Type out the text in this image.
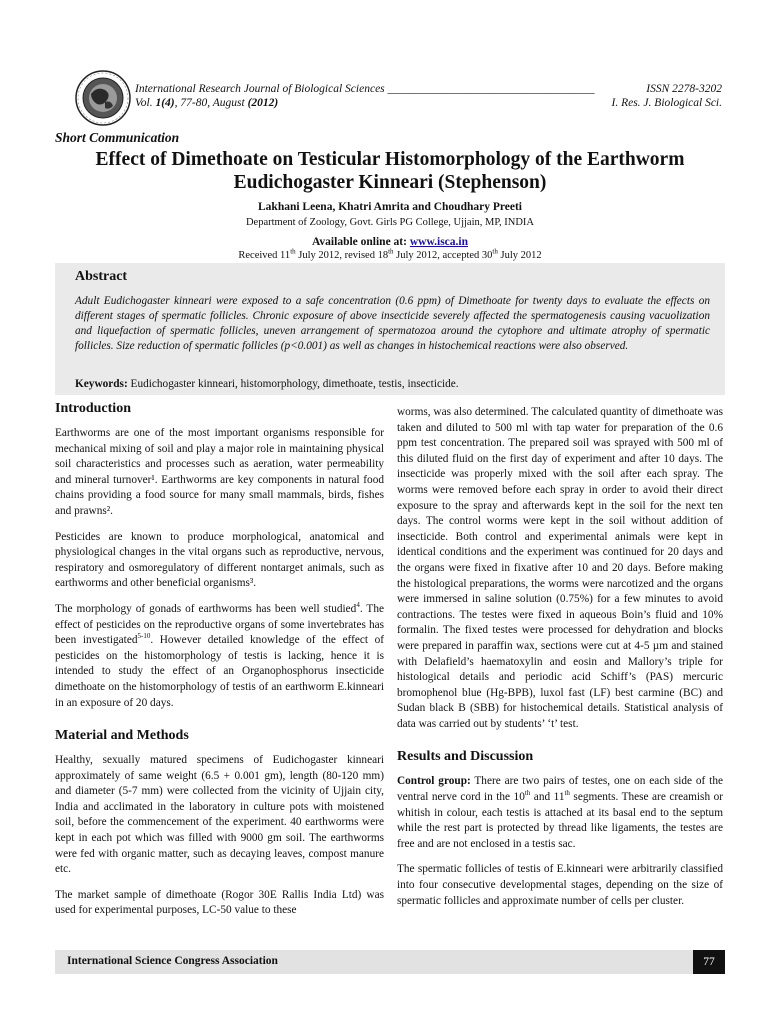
International Research Journal of Biological Sciences ____________________________________
Vol. 1(4), 77-80, August (2012)
ISSN 2278-3202
I. Res. J. Biological Sci.
Short Communication
Effect of Dimethoate on Testicular Histomorphology of the Earthworm
Eudichogaster Kinneari (Stephenson)
Lakhani Leena, Khatri Amrita and Choudhary Preeti
Department of Zoology, Govt. Girls PG College, Ujjain, MP, INDIA
Available online at: www.isca.in
Received 11th July 2012, revised 18th July 2012, accepted 30th July 2012
Abstract
Adult Eudichogaster kinneari were exposed to a safe concentration (0.6 ppm) of Dimethoate for twenty days to evaluate the effects on different stages of spermatic follicles. Chronic exposure of above insecticide severely affected the spermatogenesis causing vacuolization and liquefaction of spermatic follicles, uneven arrangement of spermatozoa around the cytophore and ultimate atrophy of spermatic follicles. Size reduction of spermatic follicles (p<0.001) as well as changes in histochemical reactions were also observed.
Keywords: Eudichogaster kinneari, histomorphology, dimethoate, testis, insecticide.
Introduction

Earthworms are one of the most important organisms responsible for mechanical mixing of soil and play a major role in maintaining physical soil characteristics and processes such as aeration, water permeability and mineral turnover¹. Earthworms are key components in natural food chains providing a food source for many small mammals, birds, fishes and prawns².

Pesticides are known to produce morphological, anatomical and physiological changes in the vital organs such as reproductive, nervous, respiratory and osmoregulatory of different nontarget animals, such as earthworms and other beneficial organisms³.

The morphology of gonads of earthworms has been well studied$^4$. The effect of pesticides on the reproductive organs of some invertebrates has been investigated$^{5-10}$. However detailed knowledge of the effect of pesticides on the histomorphology of testis is lacking, hence it is intended to study the effect of an Organophosphorus insecticide dimethoate on the histomorphology of testis of an earthworm E.kinneari in an exposure of 20 days.

Material and Methods

Healthy, sexually matured specimens of Eudichogaster kinneari approximately of same weight (6.5 + 0.001 gm), length (80-120 mm) and diameter (5-7 mm) were collected from the vicinity of Ujjain city, India and acclimated in the laboratory in culture pots with moistened soil, before the commencement of the experiment. 40 earthworms were kept in each pot which was filled with 9000 gm soil. The earthworms were fed with organic matter, such as decaying leaves, compost manure etc.

The market sample of dimethoate (Rogor 30E Rallis India Ltd) was used for experimental purposes, LC-50 value to these

worms, was also determined. The calculated quantity of dimethoate was taken and diluted to 500 ml with tap water for preparation of the 0.6 ppm test concentration. The prepared soil was sprayed with 500 ml of this diluted fluid on the first day of experiment and after 10 days. The insecticide was properly mixed with the soil after each spray. The worms were removed before each spray in order to avoid their direct exposure to the spray and afterwards kept in the soil for the next ten days. The control worms were kept in the soil without addition of insecticide. Both control and experimental animals were kept in identical conditions and the experiment was continued for 20 days and the organs were fixed in fixative after 10 and 20 days. Before making the histological preparations, the worms were narcotized and the organs were immersed in saline solution (0.75%) for a few minutes to avoid contractions. The testes were fixed in aqueous Boin’s fluid and 10% formalin. The fixed testes were processed for dehydration and blocks were prepared in paraffin wax, sections were cut at 4-5 µm and stained with Delafield’s haematoxylin and eosin and Mallory’s triple for histological details and periodic acid Schiff’s (PAS) mercuric bromophenol blue (Hg-BPB), luxol fast (LF) best carmine (BC) and Sudan black B (SBB) for histochemical details. Statistical analysis of data was carried out by students’ ‘t’ test.

Results and Discussion

Control group: There are two pairs of testes, one on each side of the ventral nerve cord in the 10th and 11th segments. These are creamish or whitish in colour, each testis is attached at its basal end to the septum while the rest part is protected by thread like ligaments, the testes are free and are not enclosed in a testis sac.

The spermatic follicles of testis of E.kinneari were arbitrarily classified into four consecutive developmental stages, depending on the size of spermatic follicles and approximate number of cells per cluster.

International Science Congress Association	77
